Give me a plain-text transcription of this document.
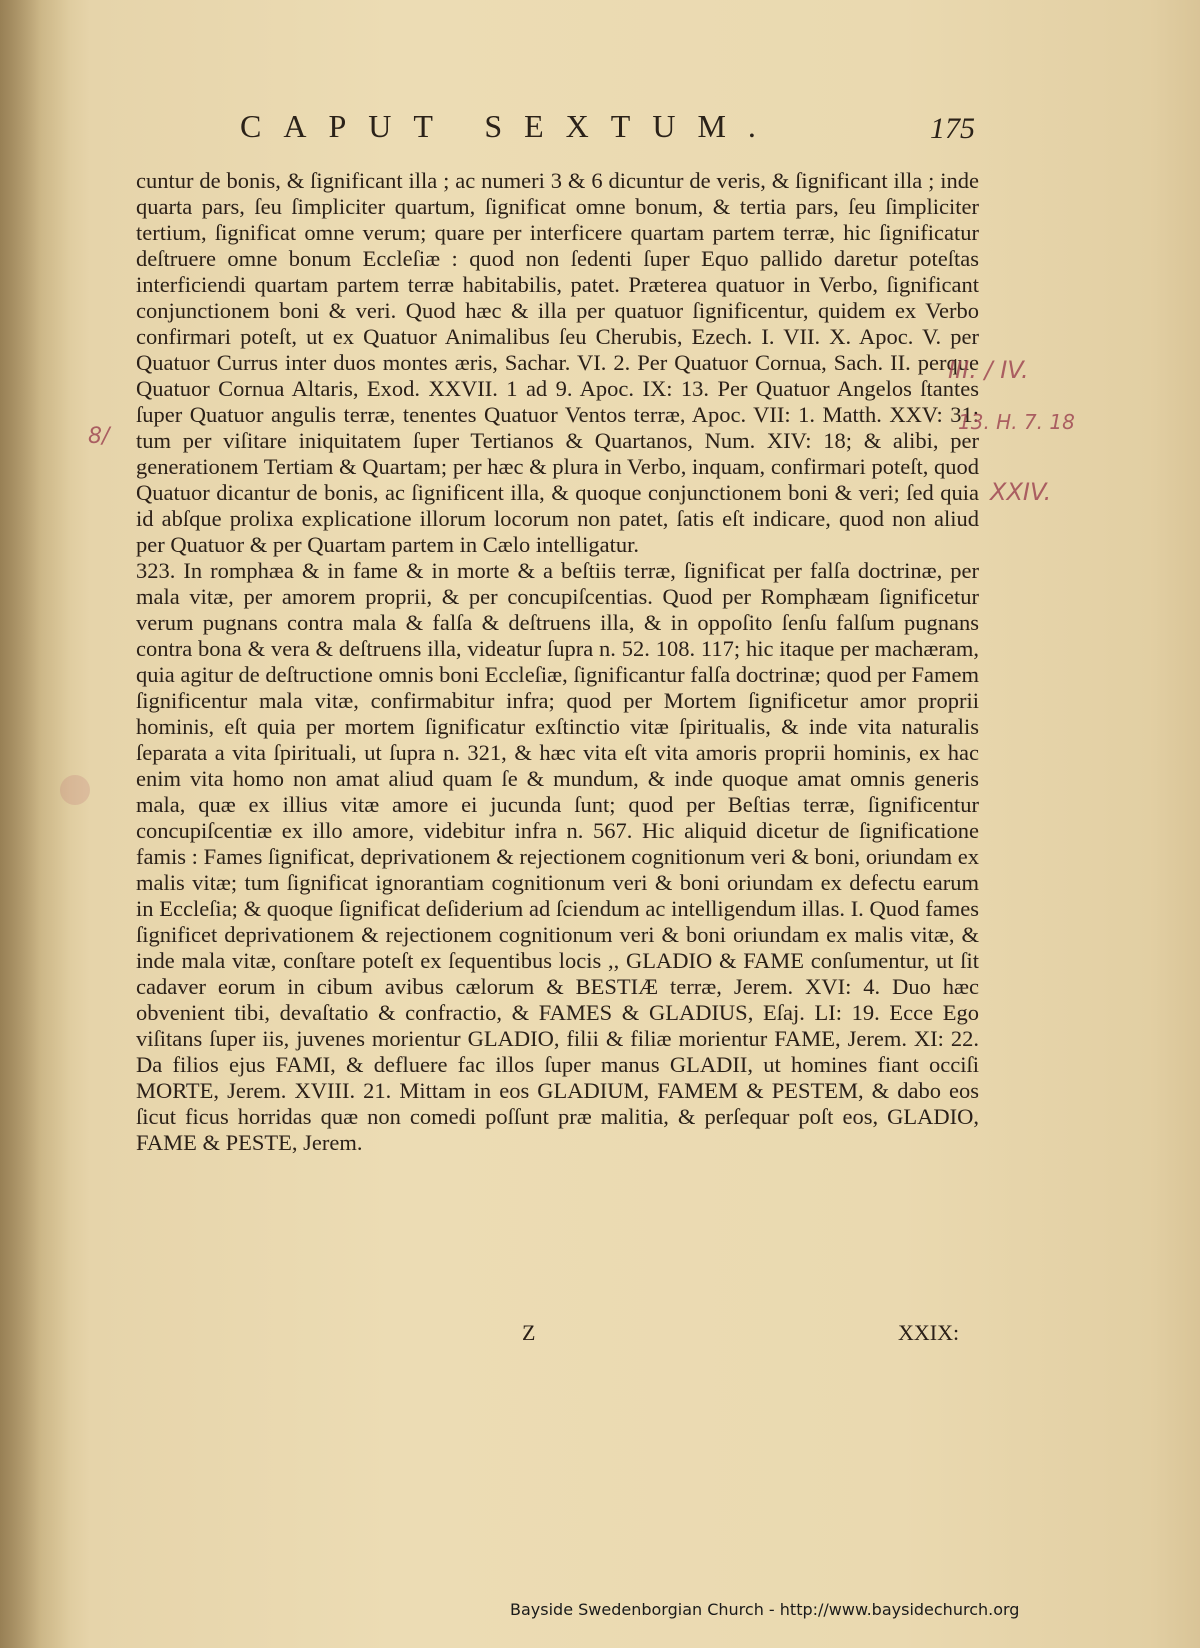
CAPUT SEXTUM.	175

cuntur de bonis, & ſignificant illa ; ac numeri 3 & 6 dicuntur de veris, & ſignificant illa ; inde quarta pars, ſeu ſimpliciter quartum, ſignificat omne bonum, & tertia pars, ſeu ſimpliciter tertium, ſignificat omne verum; quare per interficere quartam partem terræ, hic ſignificatur deſtruere omne bonum Eccleſiæ : quod non ſedenti ſuper Equo pallido daretur poteſtas interficiendi quartam partem terræ habitabilis, patet. Præterea quatuor in Verbo, ſignificant conjunctionem boni & veri. Quod hæc & illa per quatuor ſignificentur, quidem ex Verbo confirmari poteſt, ut ex Quatuor Animalibus ſeu Cherubis, Ezech. I. VII. X. Apoc. V. per Quatuor Currus inter duos montes æris, Sachar. VI. 2. Per Quatuor Cornua, Sach. II. perque Quatuor Cornua Altaris, Exod. XXVII. 1 ad 9. Apoc. IX: 13. Per Quatuor Angelos ſtantes ſuper Quatuor angulis terræ, tenentes Quatuor Ventos terræ, Apoc. VII: 1. Matth. XXV: 31: tum per viſitare iniquitatem ſuper Tertianos & Quartanos, Num. XIV: 18; & alibi, per generationem Tertiam & Quartam; per hæc & plura in Verbo, inquam, confirmari poteſt, quod Quatuor dicantur de bonis, ac ſignificent illa, & quoque conjunctionem boni & veri; ſed quia id abſque prolixa explicatione illorum locorum non patet, ſatis eſt indicare, quod non aliud per Quatuor & per Quartam partem in Cælo intelligatur.

323. In romphæa & in fame & in morte & a beſtiis terræ, ſignificat per falſa doctrinæ, per mala vitæ, per amorem proprii, & per concupiſcentias. Quod per Romphæam ſignificetur verum pugnans contra mala & falſa & deſtruens illa, & in oppoſito ſenſu falſum pugnans contra bona & vera & deſtruens illa, videatur ſupra n. 52. 108. 117; hic itaque per machæram, quia agitur de deſtructione omnis boni Eccleſiæ, ſignificantur falſa doctrinæ; quod per Famem ſignificentur mala vitæ, confirmabitur infra; quod per Mortem ſignificetur amor proprii hominis, eſt quia per mortem ſignificatur exſtinctio vitæ ſpiritualis, & inde vita naturalis ſeparata a vita ſpirituali, ut ſupra n. 321, & hæc vita eſt vita amoris proprii hominis, ex hac enim vita homo non amat aliud quam ſe & mundum, & inde quoque amat omnis generis mala, quæ ex illius vitæ amore ei jucunda ſunt; quod per Beſtias terræ, ſignificentur concupiſcentiæ ex illo amore, videbitur infra n. 567. Hic aliquid dicetur de ſignificatione famis : Fames ſignificat, deprivationem & rejectionem cognitionum veri & boni, oriundam ex malis vitæ; tum ſignificat ignorantiam cognitionum veri & boni oriundam ex defectu earum in Eccleſia; & quoque ſignificat deſiderium ad ſciendum ac intelligendum illas. I. Quod fames ſignificet deprivationem & rejectionem cognitionum veri & boni oriundam ex malis vitæ, & inde mala vitæ, conſtare poteſt ex ſequentibus locis ,, GLADIO & FAME conſumentur, ut ſit cadaver eorum in cibum avibus cælorum & BESTIÆ terræ, Jerem. XVI: 4. Duo hæc obvenient tibi, devaſtatio & confractio, & FAMES & GLADIUS, Eſaj. LI: 19. Ecce Ego viſitans ſuper iis, juvenes morientur GLADIO, filii & filiæ morientur FAME, Jerem. XI: 22. Da filios ejus FAMI, & defluere fac illos ſuper manus GLADII, ut homines fiant occiſi MORTE, Jerem. XVIII. 21. Mittam in eos GLADIUM, FAMEM & PESTEM, & dabo eos ſicut ficus horridas quæ non comedi poſſunt præ malitia, & perſequar poſt eos, GLADIO, FAME & PESTE, Jerem.

Z	XXIX:
III. / IV.
13. H. 7. 18
XXIV.
8/
Bayside Swedenborgian Church - http://www.baysidechurch.org
